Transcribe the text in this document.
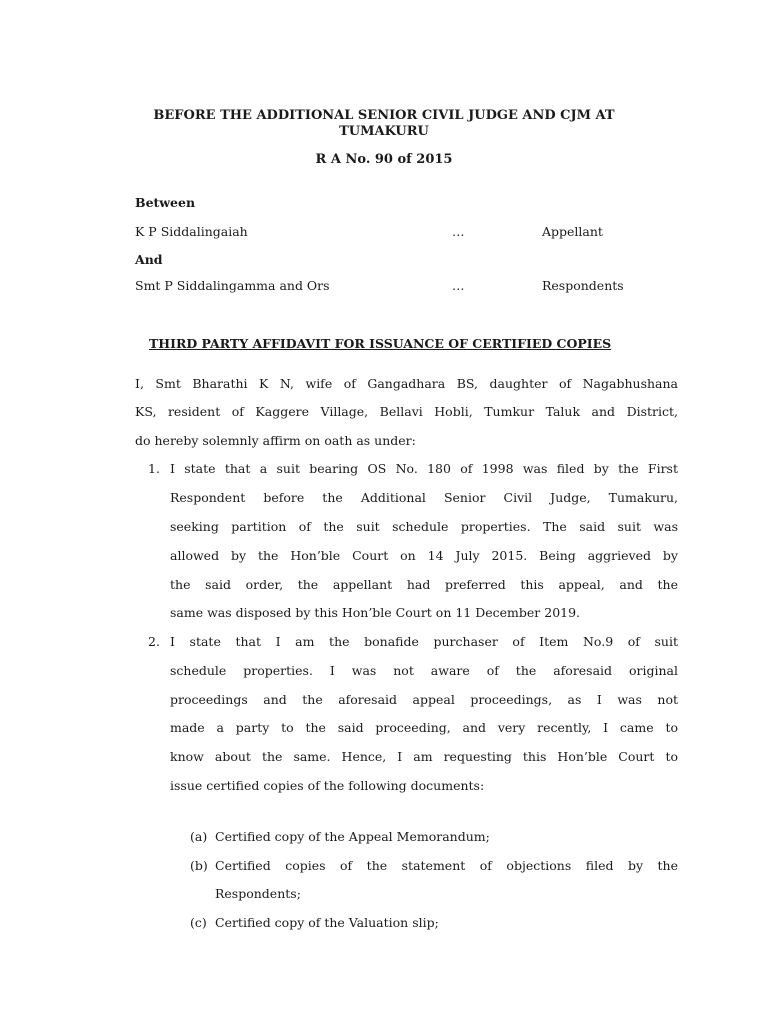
BEFORE THE ADDITIONAL SENIOR CIVIL JUDGE AND CJM AT
TUMAKURU
R A No. 90 of 2015
Between
K P Siddalingaiah	…	Appellant
And
Smt P Siddalingamma and Ors	…	Respondents
THIRD PARTY AFFIDAVIT FOR ISSUANCE OF CERTIFIED COPIES
I, Smt Bharathi K N, wife of Gangadhara BS, daughter of Nagabhushana
KS, resident of Kaggere Village, Bellavi Hobli, Tumkur Taluk and District,
do hereby solemnly affirm on oath as under:
1. I state that a suit bearing OS No. 180 of 1998 was filed by the First
Respondent before the Additional Senior Civil Judge, Tumakuru,
seeking partition of the suit schedule properties. The said suit was
allowed by the Hon’ble Court on 14 July 2015. Being aggrieved by
the said order, the appellant had preferred this appeal, and the
same was disposed by this Hon’ble Court on 11 December 2019.
2. I state that I am the bonafide purchaser of Item No.9 of suit
schedule properties. I was not aware of the aforesaid original
proceedings and the aforesaid appeal proceedings, as I was not
made a party to the said proceeding, and very recently, I came to
know about the same. Hence, I am requesting this Hon’ble Court to
issue certified copies of the following documents:
(a) Certified copy of the Appeal Memorandum;
(b) Certified copies of the statement of objections filed by the
Respondents;
(c) Certified copy of the Valuation slip;
